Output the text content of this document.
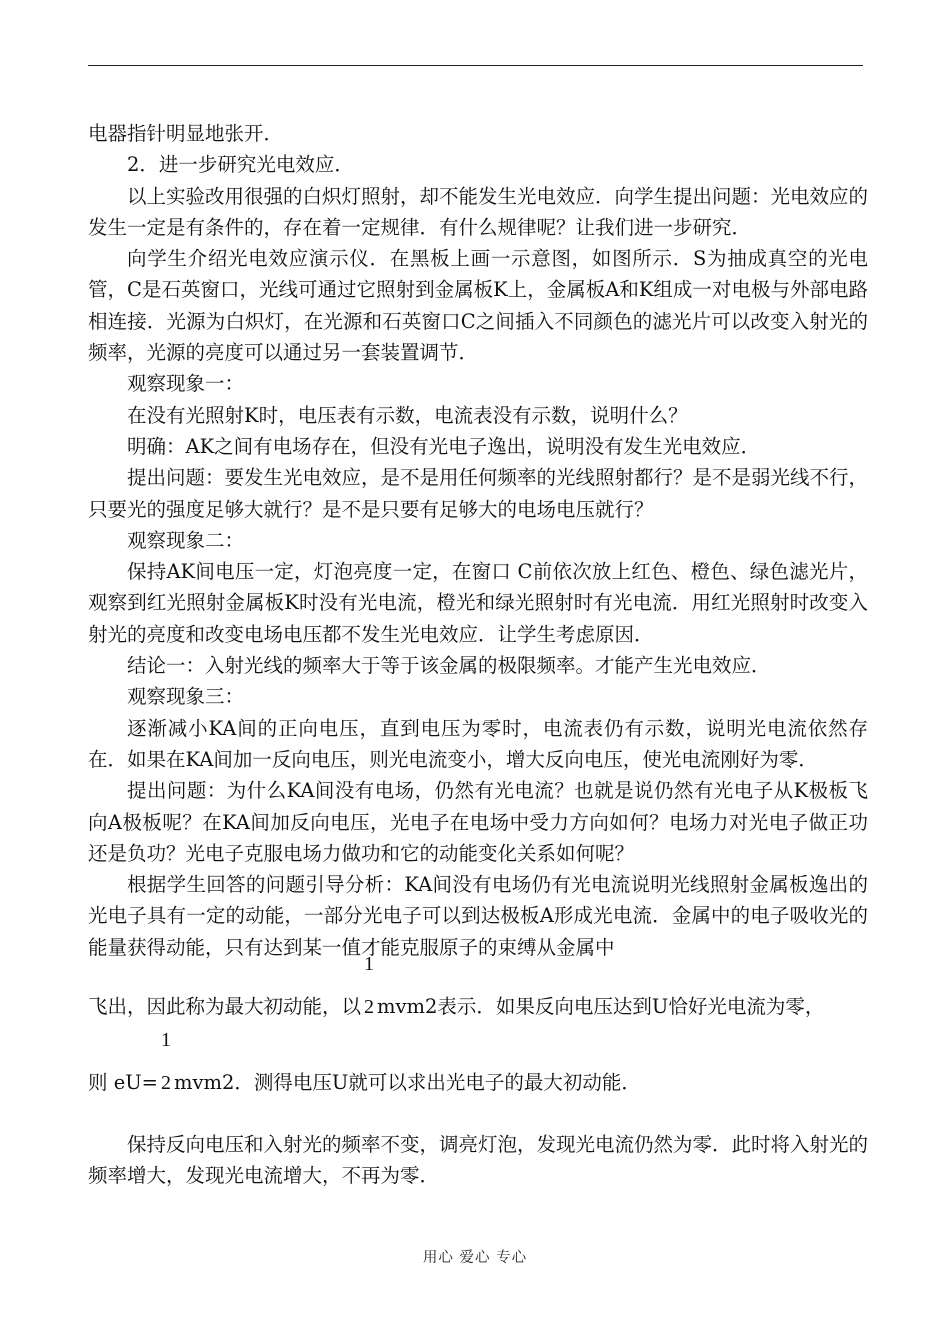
电器指针明显地张开．

2．进一步研究光电效应．

以上实验改用很强的白炽灯照射，却不能发生光电效应．向学生提出问题：光电效应的发生一定是有条件的，存在着一定规律．有什么规律呢？让我们进一步研究．

向学生介绍光电效应演示仪．在黑板上画一示意图，如图所示．S为抽成真空的光电管，C是石英窗口，光线可通过它照射到金属板K上，金属板A和K组成一对电极与外部电路相连接．光源为白炽灯，在光源和石英窗口C之间插入不同颜色的滤光片可以改变入射光的频率，光源的亮度可以通过另一套装置调节．

观察现象一：

在没有光照射K时，电压表有示数，电流表没有示数，说明什么？

明确：AK之间有电场存在，但没有光电子逸出，说明没有发生光电效应．

提出问题：要发生光电效应，是不是用任何频率的光线照射都行？是不是弱光线不行，只要光的强度足够大就行？是不是只要有足够大的电场电压就行？

观察现象二：

保持AK间电压一定，灯泡亮度一定，在窗口 C前依次放上红色、橙色、绿色滤光片，观察到红光照射金属板K时没有光电流，橙光和绿光照射时有光电流．用红光照射时改变入射光的亮度和改变电场电压都不发生光电效应．让学生考虑原因．

结论一：入射光线的频率大于等于该金属的极限频率。才能产生光电效应．

观察现象三：

逐渐减小KA间的正向电压，直到电压为零时，电流表仍有示数，说明光电流依然存在．如果在KA间加一反向电压，则光电流变小，增大反向电压，使光电流刚好为零．

提出问题：为什么KA间没有电场，仍然有光电流？也就是说仍然有光电子从K极板飞向A极板呢？在KA间加反向电压，光电子在电场中受力方向如何？电场力对光电子做正功还是负功？光电子克服电场力做功和它的动能变化关系如何呢？

根据学生回答的问题引导分析：KA间没有电场仍有光电流说明光线照射金属板逸出的光电子具有一定的动能，一部分光电子可以到达极板A形成光电流．金属中的电子吸收光的能量获得动能，只有达到某一值才能克服原子的束缚从金属中

飞出，因此称为最大初动能，以
1
2 mvm2表示．如果反向电压达到U恰好光电流为零，

则 eU=
1
2 mvm2．测得电压U就可以求出光电子的最大初动能．

保持反向电压和入射光的频率不变，调亮灯泡，发现光电流仍然为零．此时将入射光的频率增大，发现光电流增大，不再为零．

用心 爱心 专心
